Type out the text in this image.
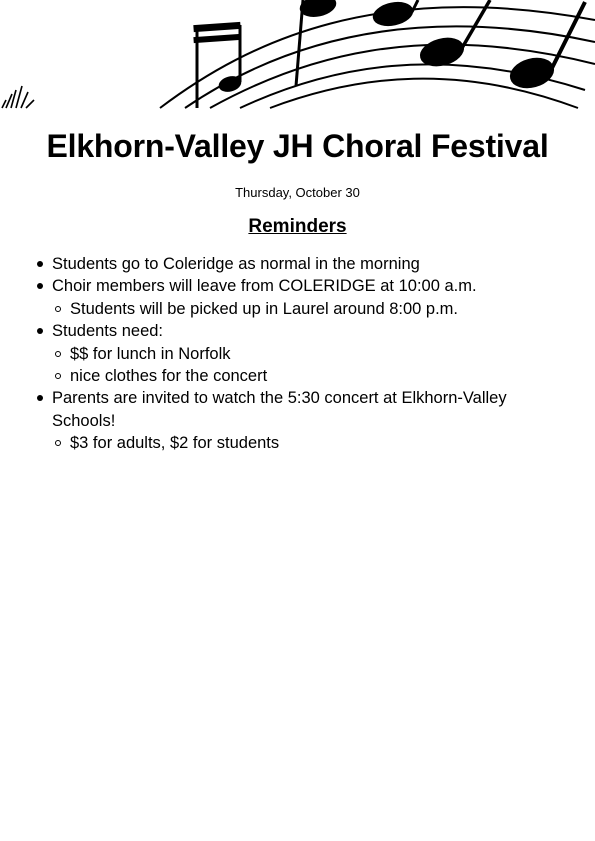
Elkhorn-Valley JH Choral Festival
Thursday, October 30
Reminders
Students go to Coleridge as normal in the morning
Choir members will leave from COLERIDGE at 10:00 a.m.
Students will be picked up in Laurel around 8:00 p.m.
Students need:
$$ for lunch in Norfolk
nice clothes for the concert
Parents are invited to watch the 5:30 concert at Elkhorn-Valley Schools!
$3 for adults, $2 for students
